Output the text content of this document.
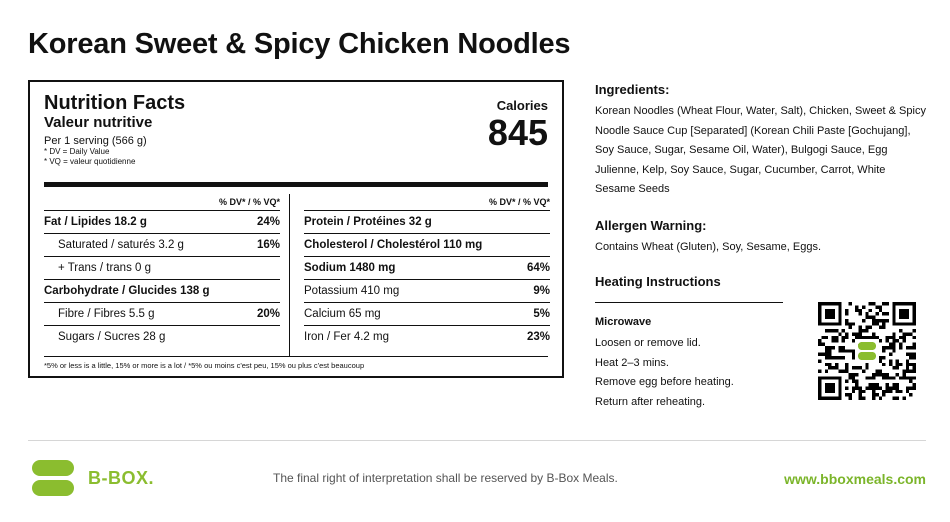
Korean Sweet & Spicy Chicken Noodles
Nutrition Facts
Valeur nutritive
Per 1 serving (566 g)
* DV = Daily Value
* VQ = valeur quotidienne
Calories
845
% DV* / % VQ*
Fat / Lipides 18.2 g	24%
Saturated / saturés 3.2 g	16%
+ Trans / trans 0 g
Carbohydrate / Glucides 138 g
Fibre / Fibres 5.5 g	20%
Sugars / Sucres 28 g
% DV* / % VQ*
Protein / Protéines 32 g
Cholesterol / Cholestérol 110 mg
Sodium 1480 mg	64%
Potassium 410 mg	9%
Calcium 65 mg	5%
Iron / Fer 4.2 mg	23%
*5% or less is a little, 15% or more is a lot / *5% ou moins c'est peu, 15% ou plus c'est beaucoup
Ingredients:
Korean Noodles (Wheat Flour, Water, Salt), Chicken, Sweet & Spicy Noodle Sauce Cup [Separated] (Korean Chili Paste [Gochujang], Soy Sauce, Sugar, Sesame Oil, Water), Bulgogi Sauce, Egg Julienne, Kelp, Soy Sauce, Sugar, Cucumber, Carrot, White Sesame Seeds
Allergen Warning:
Contains Wheat (Gluten), Soy, Sesame, Eggs.
Heating Instructions
Microwave
Loosen or remove lid.
Heat 2–3 mins.
Remove egg before heating.
Return after reheating.
B-BOX.	The final right of interpretation shall be reserved by B-Box Meals.	www.bboxmeals.com
